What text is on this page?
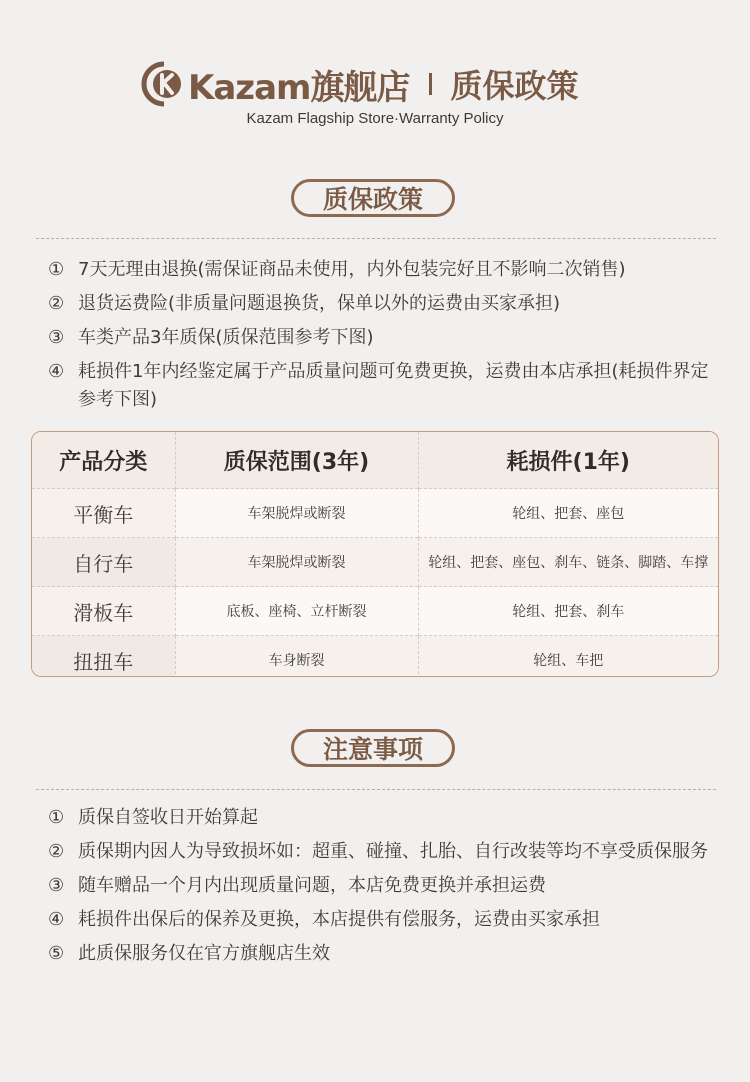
Kazam旗舰店 质保政策
Kazam Flagship Store·Warranty Policy
质保政策
① 7天无理由退换(需保证商品未使用，内外包装完好且不影响二次销售)
② 退货运费险(非质量问题退换货，保单以外的运费由买家承担)
③ 车类产品3年质保(质保范围参考下图)
④ 耗损件1年内经鉴定属于产品质量问题可免费更换，运费由本店承担(耗损件界定参考下图)
产品分类	质保范围(3年)	耗损件(1年)
平衡车	车架脱焊或断裂	轮组、把套、座包
自行车	车架脱焊或断裂	轮组、把套、座包、刹车、链条、脚踏、车撑
滑板车	底板、座椅、立杆断裂	轮组、把套、刹车
扭扭车	车身断裂	轮组、车把
注意事项
① 质保自签收日开始算起
② 质保期内因人为导致损坏如：超重、碰撞、扎胎、自行改装等均不享受质保服务
③ 随车赠品一个月内出现质量问题，本店免费更换并承担运费
④ 耗损件出保后的保养及更换，本店提供有偿服务，运费由买家承担
⑤ 此质保服务仅在官方旗舰店生效
